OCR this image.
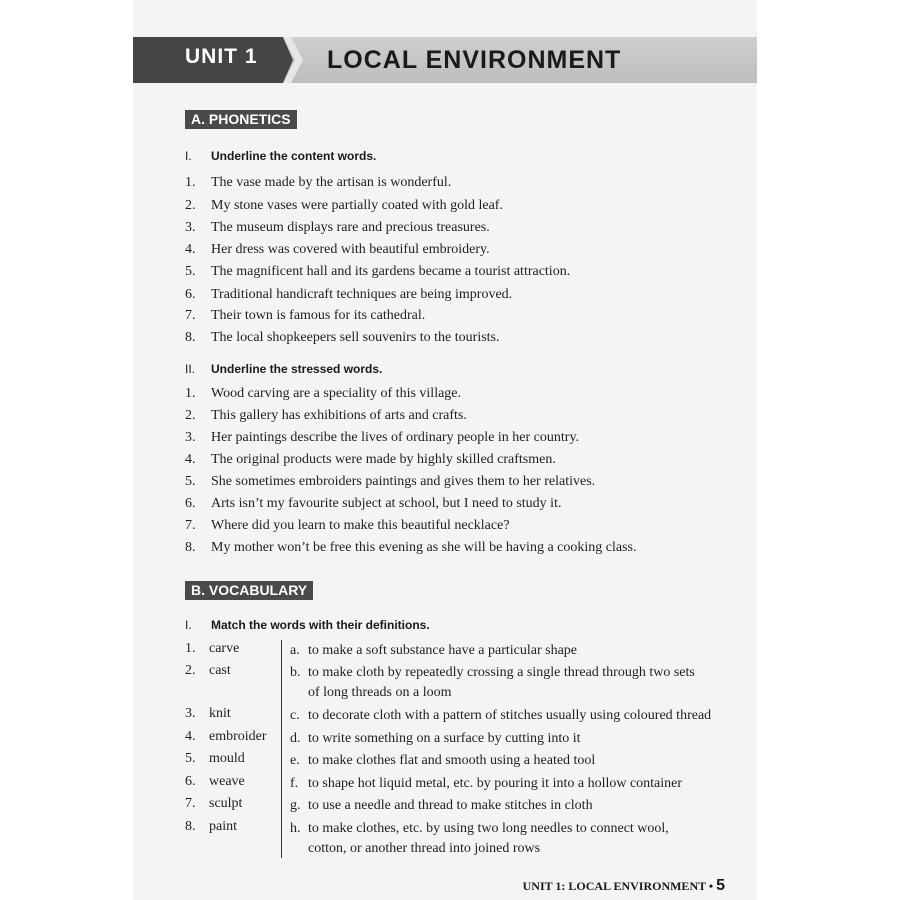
UNIT 1	LOCAL ENVIRONMENT
A. PHONETICS
I. Underline the content words.
1. The vase made by the artisan is wonderful.
2. My stone vases were partially coated with gold leaf.
3. The museum displays rare and precious treasures.
4. Her dress was covered with beautiful embroidery.
5. The magnificent hall and its gardens became a tourist attraction.
6. Traditional handicraft techniques are being improved.
7. Their town is famous for its cathedral.
8. The local shopkeepers sell souvenirs to the tourists.
II. Underline the stressed words.
1. Wood carving are a speciality of this village.
2. This gallery has exhibitions of arts and crafts.
3. Her paintings describe the lives of ordinary people in her country.
4. The original products were made by highly skilled craftsmen.
5. She sometimes embroiders paintings and gives them to her relatives.
6. Arts isn’t my favourite subject at school, but I need to study it.
7. Where did you learn to make this beautiful necklace?
8. My mother won’t be free this evening as she will be having a cooking class.
B. VOCABULARY
I. Match the words with their definitions.
1. carve	a. to make a soft substance have a particular shape
2. cast	b. to make cloth by repeatedly crossing a single thread through two sets
of long threads on a loom
3. knit	c. to decorate cloth with a pattern of stitches usually using coloured thread
4. embroider d. to write something on a surface by cutting into it
5. mould	e. to make clothes flat and smooth using a heated tool
6. weave	f. to shape hot liquid metal, etc. by pouring it into a hollow container
7. sculpt	g. to use a needle and thread to make stitches in cloth
8. paint	h. to make clothes, etc. by using two long needles to connect wool,
cotton, or another thread into joined rows
UNIT 1: LOCAL ENVIRONMENT • 5
